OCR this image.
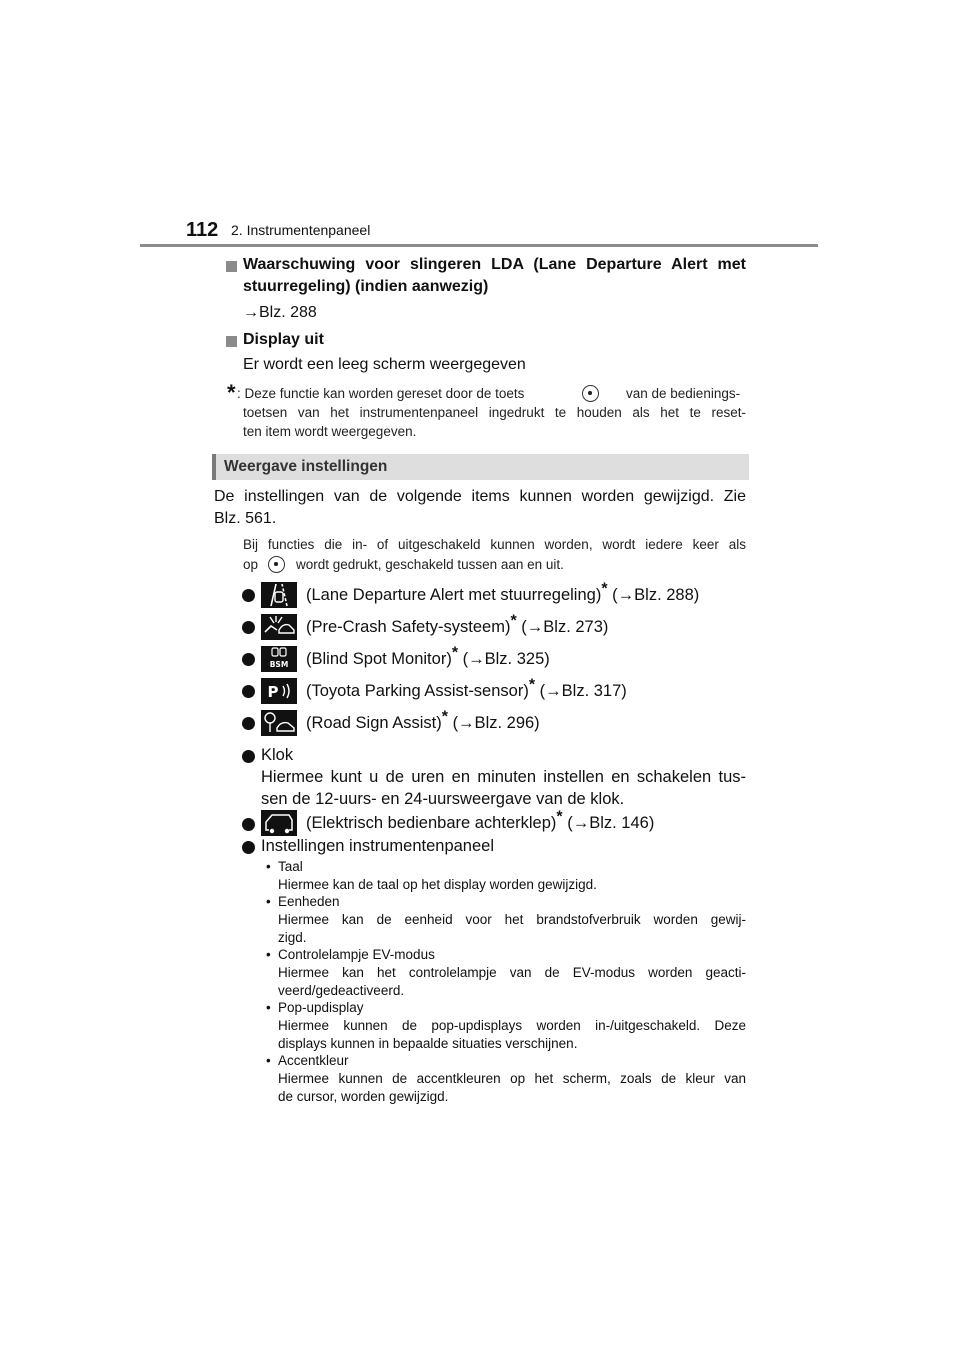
112 2. Instrumentenpaneel
Waarschuwing voor slingeren LDA (Lane Departure Alert met
stuurregeling) (indien aanwezig)
→Blz. 288
Display uit
Er wordt een leeg scherm weergegeven
* : Deze functie kan worden gereset door de toets	van de bedienings-
toetsen van het instrumentenpaneel ingedrukt te houden als het te reset-
ten item wordt weergegeven.
Weergave instellingen
De instellingen van de volgende items kunnen worden gewijzigd. Zie
Blz. 561.
Bij functies die in- of uitgeschakeld kunnen worden, wordt iedere keer als
op	wordt gedrukt, geschakeld tussen aan en uit.
(Lane Departure Alert met stuurregeling)* (→Blz. 288)
(Pre-Crash Safety-systeem)* (→Blz. 273)
BSM (Blind Spot Monitor)* (→Blz. 325)
P (Toyota Parking Assist-sensor)* (→Blz. 317)
(Road Sign Assist)* (→Blz. 296)
Klok
Hiermee kunt u de uren en minuten instellen en schakelen tus-
sen de 12-uurs- en 24-uursweergave van de klok.
(Elektrisch bedienbare achterklep)* (→Blz. 146)
Instellingen instrumentenpaneel
• Taal
Hiermee kan de taal op het display worden gewijzigd.
• Eenheden
Hiermee kan de eenheid voor het brandstofverbruik worden gewij-
zigd.
• Controlelampje EV-modus
Hiermee kan het controlelampje van de EV-modus worden geacti-
veerd/gedeactiveerd.
• Pop-updisplay
Hiermee kunnen de pop-updisplays worden in-/uitgeschakeld. Deze
displays kunnen in bepaalde situaties verschijnen.
• Accentkleur
Hiermee kunnen de accentkleuren op het scherm, zoals de kleur van
de cursor, worden gewijzigd.
